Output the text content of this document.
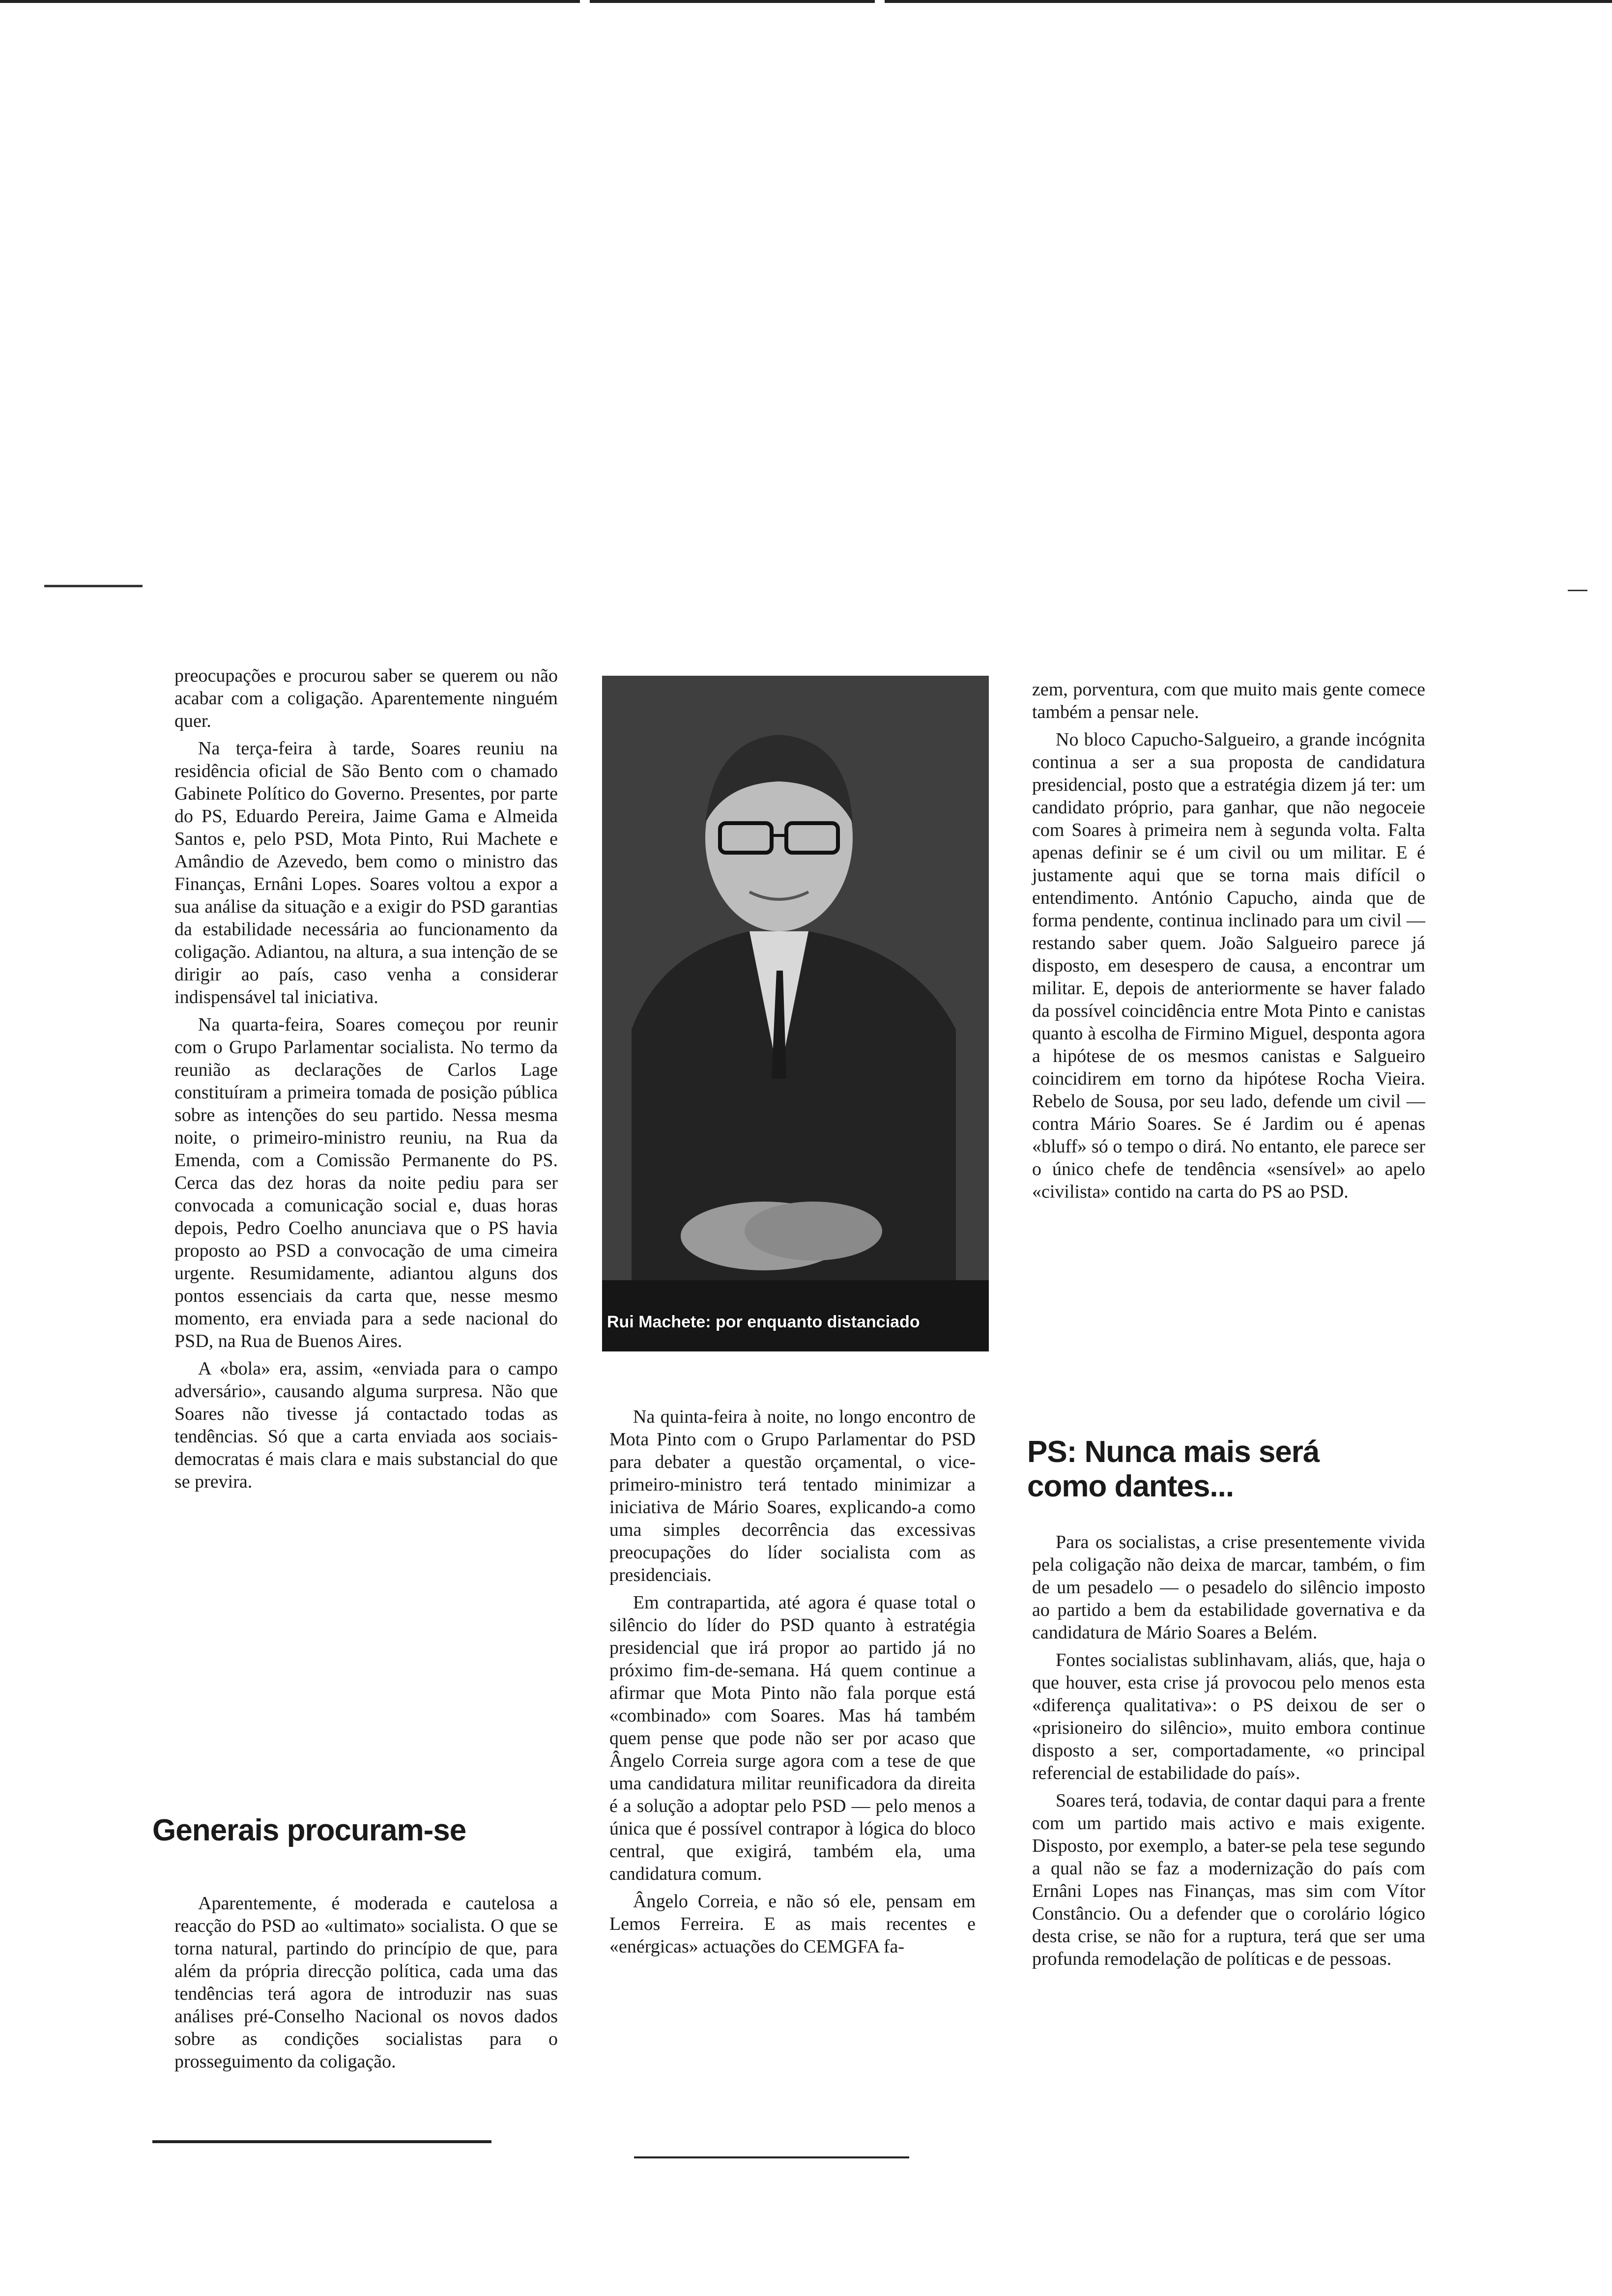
preocupações e procurou saber se querem ou não acabar com a coligação. Aparentemente ninguém quer.

Na terça-feira à tarde, Soares reuniu na residência oficial de São Bento com o chamado Gabinete Político do Governo. Presentes, por parte do PS, Eduardo Pereira, Jaime Gama e Almeida Santos e, pelo PSD, Mota Pinto, Rui Machete e Amândio de Azevedo, bem como o ministro das Finanças, Ernâni Lopes. Soares voltou a expor a sua análise da situação e a exigir do PSD garantias da estabilidade necessária ao funcionamento da coligação. Adiantou, na altura, a sua intenção de se dirigir ao país, caso venha a considerar indispensável tal iniciativa.

Na quarta-feira, Soares começou por reunir com o Grupo Parlamentar socialista. No termo da reunião as declarações de Carlos Lage constituíram a primeira tomada de posição pública sobre as intenções do seu partido. Nessa mesma noite, o primeiro-ministro reuniu, na Rua da Emenda, com a Comissão Permanente do PS. Cerca das dez horas da noite pediu para ser convocada a comunicação social e, duas horas depois, Pedro Coelho anunciava que o PS havia proposto ao PSD a convocação de uma cimeira urgente. Resumidamente, adiantou alguns dos pontos essenciais da carta que, nesse mesmo momento, era enviada para a sede nacional do PSD, na Rua de Buenos Aires.

A «bola» era, assim, «enviada para o campo adversário», causando alguma surpresa. Não que Soares não tivesse já contactado todas as tendências. Só que a carta enviada aos sociais-democratas é mais clara e mais substancial do que se previra.

Generais procuram-se

Aparentemente, é moderada e cautelosa a reacção do PSD ao «ultimato» socialista. O que se torna natural, partindo do princípio de que, para além da própria direcção política, cada uma das tendências terá agora de introduzir nas suas análises pré-Conselho Nacional os novos dados sobre as condições socialistas para o prosseguimento da coligação.

Rui Machete: por enquanto distanciado

Na quinta-feira à noite, no longo encontro de Mota Pinto com o Grupo Parlamentar do PSD para debater a questão orçamental, o vice-primeiro-ministro terá tentado minimizar a iniciativa de Mário Soares, explicando-a como uma simples decorrência das excessivas preocupações do líder socialista com as presidenciais.

Em contrapartida, até agora é quase total o silêncio do líder do PSD quanto à estratégia presidencial que irá propor ao partido já no próximo fim-de-semana. Há quem continue a afirmar que Mota Pinto não fala porque está «combinado» com Soares. Mas há também quem pense que pode não ser por acaso que Ângelo Correia surge agora com a tese de que uma candidatura militar reunificadora da direita é a solução a adoptar pelo PSD — pelo menos a única que é possível contrapor à lógica do bloco central, que exigirá, também ela, uma candidatura comum.

Ângelo Correia, e não só ele, pensam em Lemos Ferreira. E as mais recentes e «enérgicas» actuações do CEMGFA fa-

zem, porventura, com que muito mais gente comece também a pensar nele.

No bloco Capucho-Salgueiro, a grande incógnita continua a ser a sua proposta de candidatura presidencial, posto que a estratégia dizem já ter: um candidato próprio, para ganhar, que não negoceie com Soares à primeira nem à segunda volta. Falta apenas definir se é um civil ou um militar. E é justamente aqui que se torna mais difícil o entendimento. António Capucho, ainda que de forma pendente, continua inclinado para um civil — restando saber quem. João Salgueiro parece já disposto, em desespero de causa, a encontrar um militar. E, depois de anteriormente se haver falado da possível coincidência entre Mota Pinto e canistas quanto à escolha de Firmino Miguel, desponta agora a hipótese de os mesmos canistas e Salgueiro coincidirem em torno da hipótese Rocha Vieira. Rebelo de Sousa, por seu lado, defende um civil — contra Mário Soares. Se é Jardim ou é apenas «bluff» só o tempo o dirá. No entanto, ele parece ser o único chefe de tendência «sensível» ao apelo «civilista» contido na carta do PS ao PSD.

PS: Nunca mais será como dantes...

Para os socialistas, a crise presentemente vivida pela coligação não deixa de marcar, também, o fim de um pesadelo — o pesadelo do silêncio imposto ao partido a bem da estabilidade governativa e da candidatura de Mário Soares a Belém.

Fontes socialistas sublinhavam, aliás, que, haja o que houver, esta crise já provocou pelo menos esta «diferença qualitativa»: o PS deixou de ser o «prisioneiro do silêncio», muito embora continue disposto a ser, comportadamente, «o principal referencial de estabilidade do país».

Soares terá, todavia, de contar daqui para a frente com um partido mais activo e mais exigente. Disposto, por exemplo, a bater-se pela tese segundo a qual não se faz a modernização do país com Ernâni Lopes nas Finanças, mas sim com Vítor Constâncio. Ou a defender que o corolário lógico desta crise, se não for a ruptura, terá que ser uma profunda remodelação de políticas e de pessoas.
